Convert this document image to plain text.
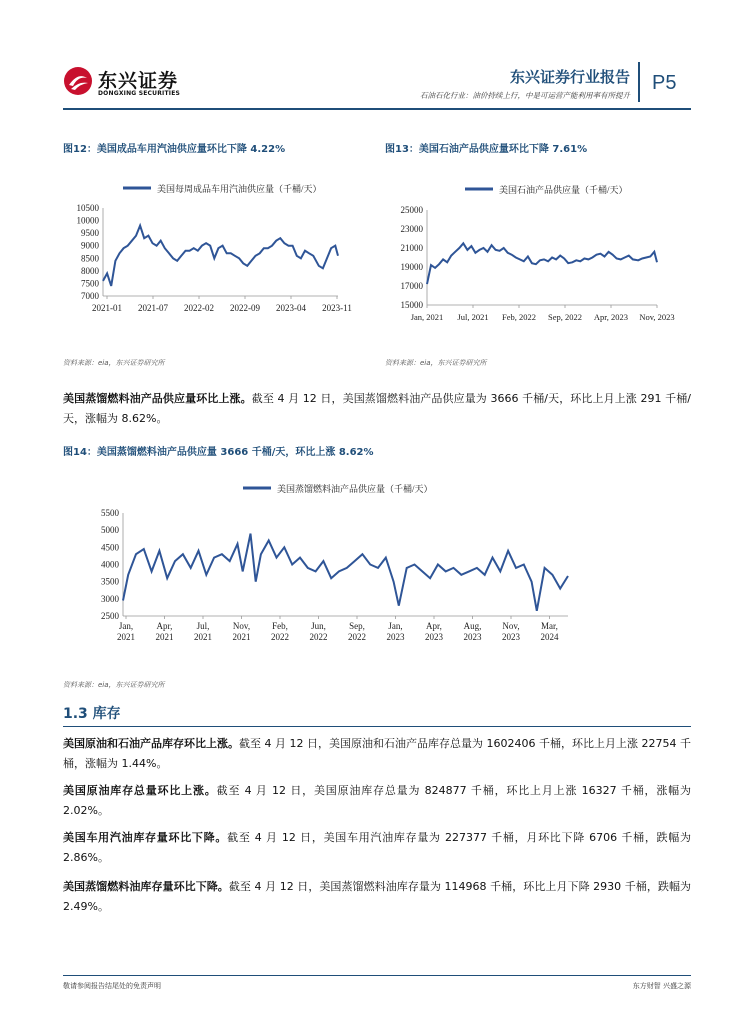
东兴证券
DONGXING SECURITIES
东兴证券行业报告
石油石化行业：油价持续上行，中是可运营产能利用率有所提升
P5
图12：美国成品车用汽油供应量环比下降 4.22%
美国每周成品车用汽油供应量（千桶/天）
10500
10000
9500
9000
8500
8000
7500
7000
2021-01 2021-07 2022-02 2022-09 2023-04 2023-11
资料来源：eia，东兴证券研究所
图13：美国石油产品供应量环比下降 7.61%
美国石油产品供应量（千桶/天）
25000
23000
21000
19000
17000
15000
Jan, 2021 Jul, 2021 Feb, 2022 Sep, 2022 Apr, 2023 Nov, 2023
资料来源：eia，东兴证券研究所
美国蒸馏燃料油产品供应量环比上涨。截至 4 月 12 日，美国蒸馏燃料油产品供应量为 3666 千桶/天，环比上月上涨 291 千桶/天，涨幅为 8.62%。
图14：美国蒸馏燃料油产品供应量 3666 千桶/天，环比上涨 8.62%
美国蒸馏燃料油产品供应量（千桶/天）
5500
5000
4500
4000
3500
3000
2500
Jan,
2021
Apr,
2021
Jul,
2021
Nov,
2021
Feb,
2022
Jun,
2022
Sep,
2022
Jan,
2023
Apr,
2023
Aug,
2023
Nov,
2023
Mar,
2024
资料来源：eia，东兴证券研究所
1.3 库存
美国原油和石油产品库存环比上涨。截至 4 月 12 日，美国原油和石油产品库存总量为 1602406 千桶，环比上月上涨 22754 千桶，涨幅为 1.44%。
美国原油库存总量环比上涨。截至 4 月 12 日，美国原油库存总量为 824877 千桶，环比上月上涨 16327 千桶，涨幅为 2.02%。
美国车用汽油库存量环比下降。截至 4 月 12 日，美国车用汽油库存量为 227377 千桶，月环比下降 6706 千桶，跌幅为 2.86%。
美国蒸馏燃料油库存量环比下降。截至 4 月 12 日，美国蒸馏燃料油库存量为 114968 千桶，环比上月下降 2930 千桶，跌幅为 2.49%。
敬请参阅报告结尾处的免责声明	东方财智 兴盛之源
